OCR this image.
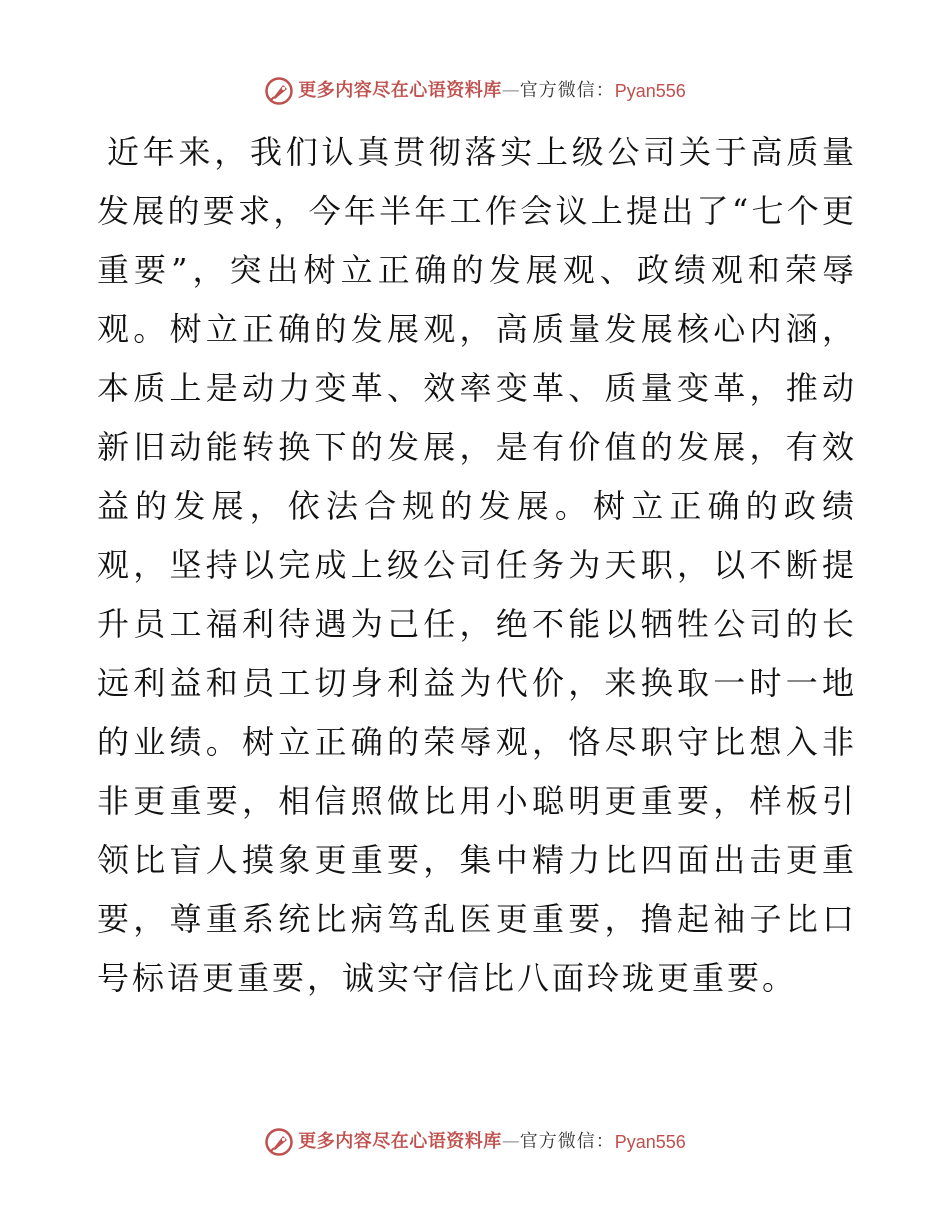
更多内容尽在心语资料库 — 官方微信： Pyan556

近年来，我们认真贯彻落实上级公司关于高质量发展的要求，今年半年工作会议上提出了“七个更重要”，突出树立正确的发展观、政绩观和荣辱观。树立正确的发展观，高质量发展核心内涵，本质上是动力变革、效率变革、质量变革，推动新旧动能转换下的发展，是有价值的发展，有效益的发展，依法合规的发展。树立正确的政绩观，坚持以完成上级公司任务为天职，以不断提升员工福利待遇为己任，绝不能以牺牲公司的长远利益和员工切身利益为代价，来换取一时一地的业绩。树立正确的荣辱观，恪尽职守比想入非非更重要，相信照做比用小聪明更重要，样板引领比盲人摸象更重要，集中精力比四面出击更重要，尊重系统比病笃乱医更重要，撸起袖子比口号标语更重要，诚实守信比八面玲珑更重要。

更多内容尽在心语资料库 — 官方微信： Pyan556
